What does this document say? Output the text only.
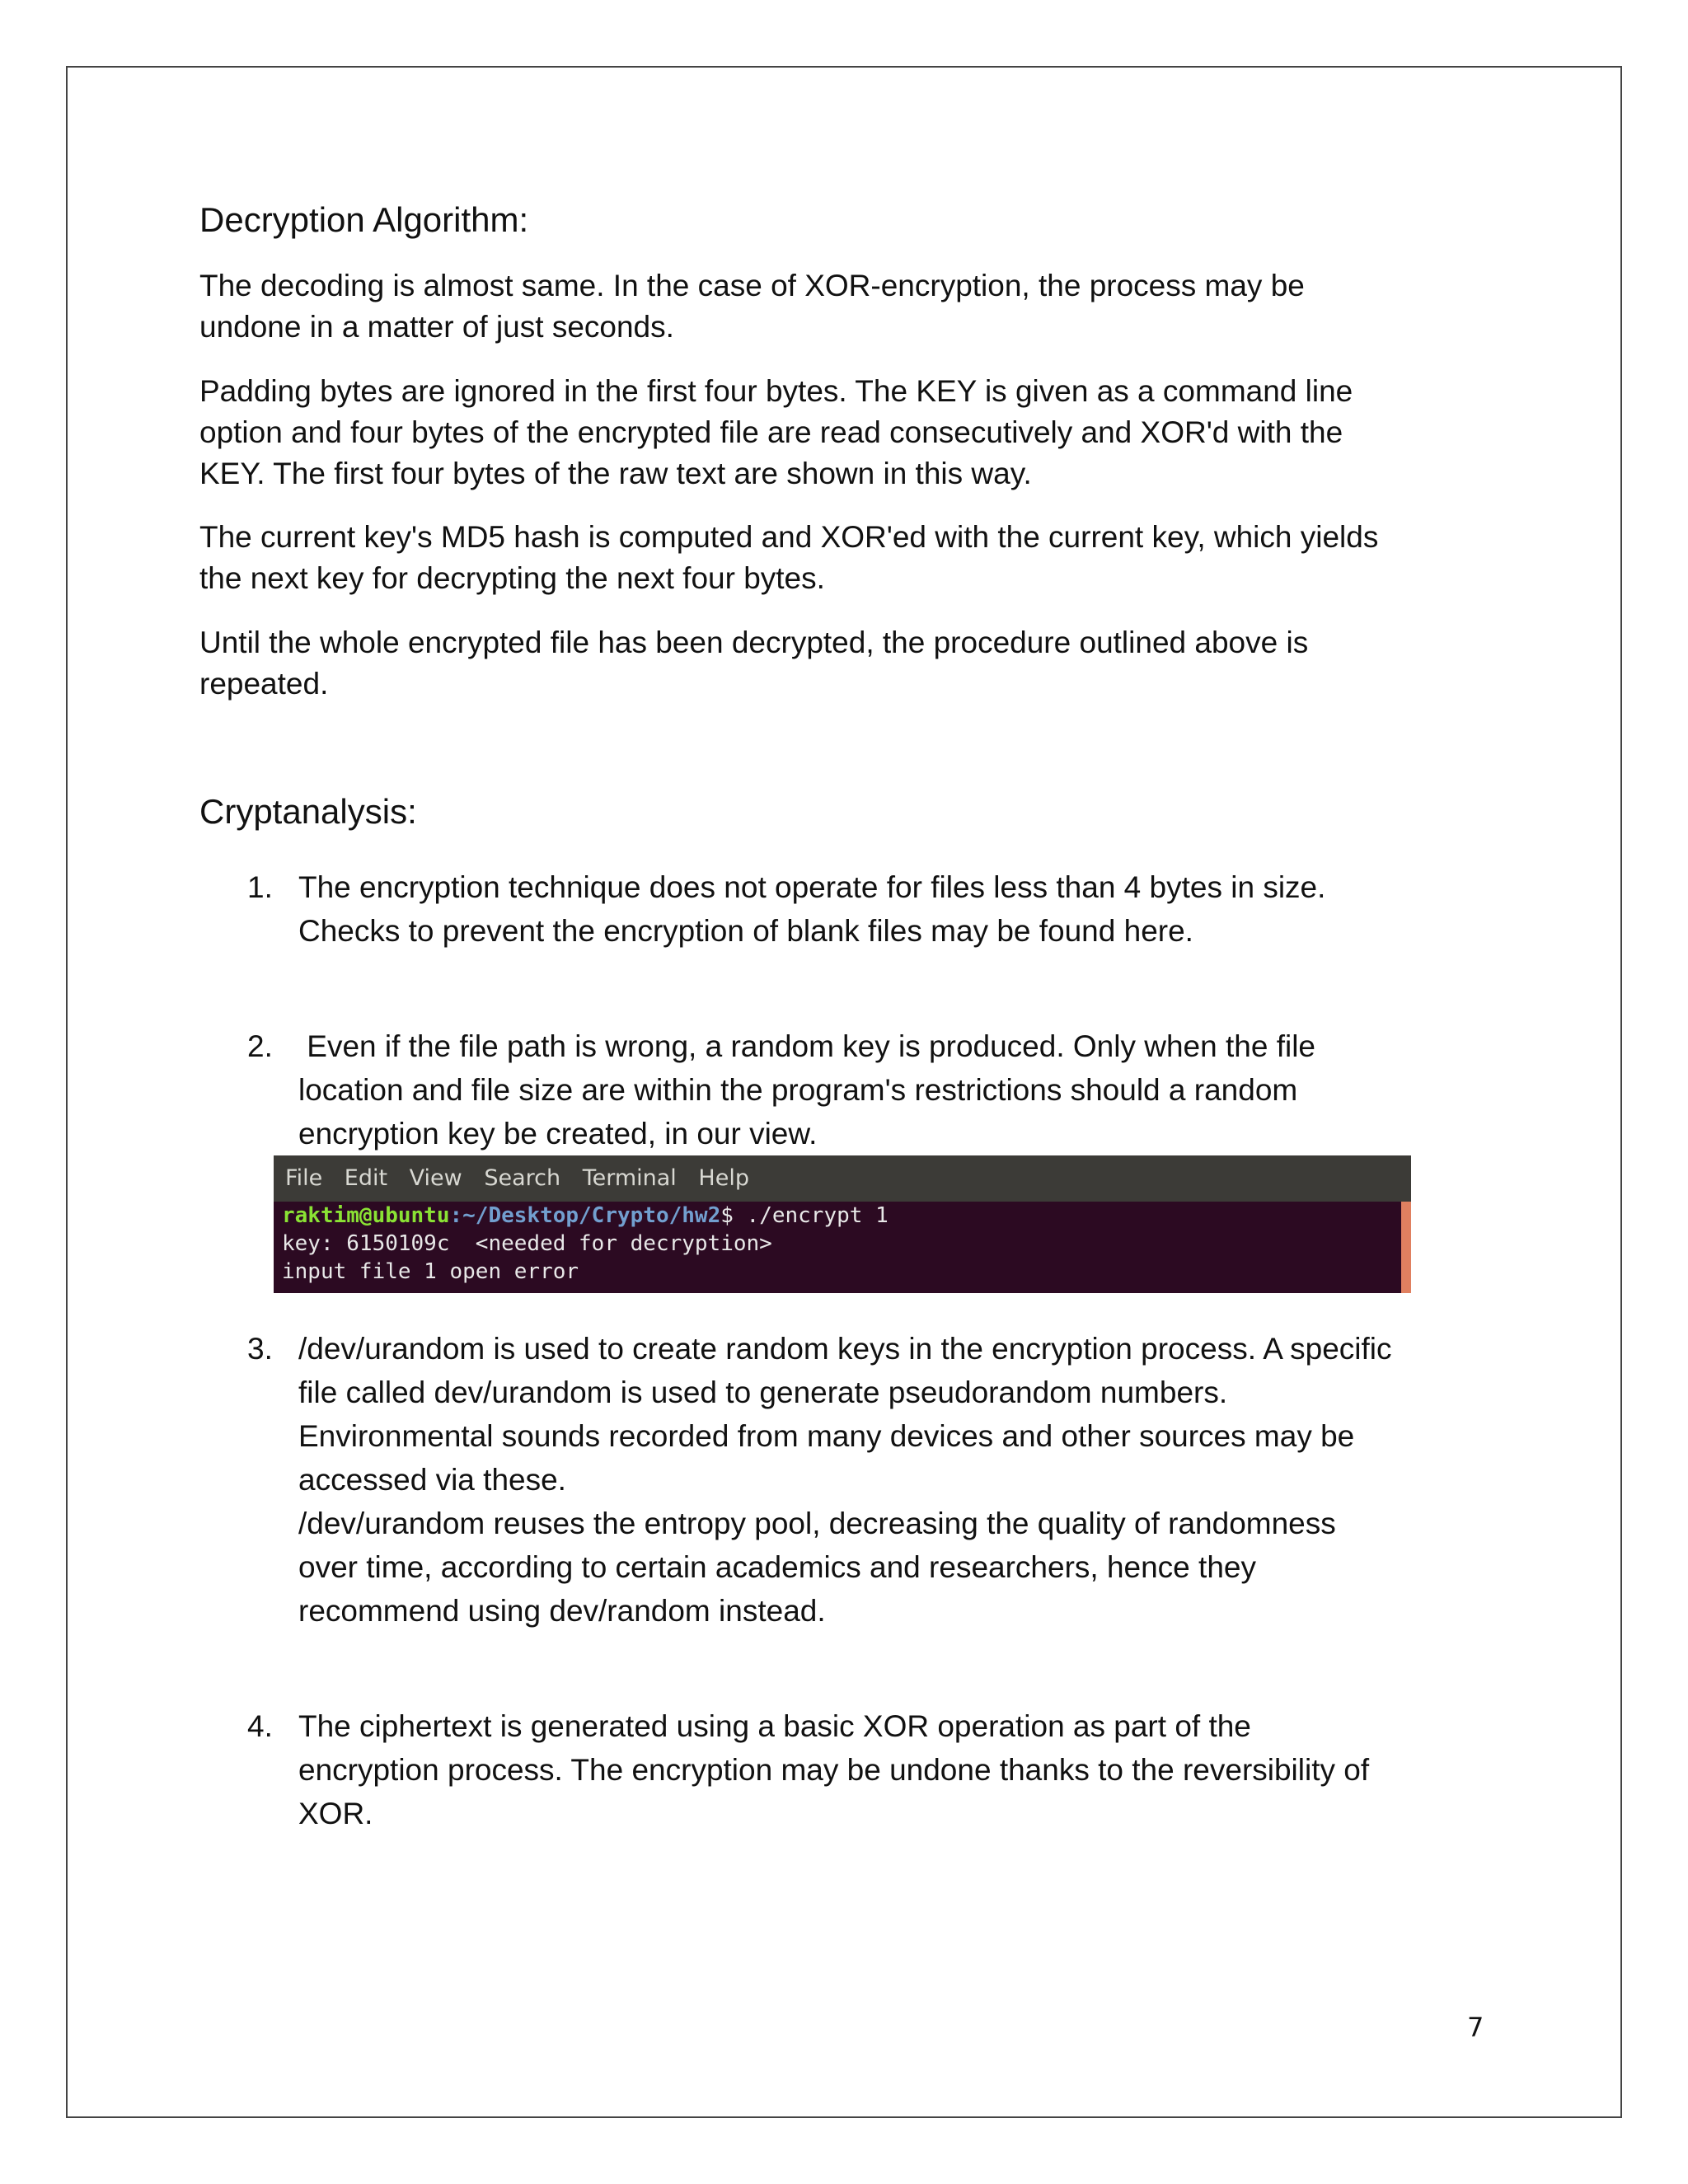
Decryption Algorithm:
The decoding is almost same. In the case of XOR-encryption, the process may be
undone in a matter of just seconds.
Padding bytes are ignored in the first four bytes. The KEY is given as a command line
option and four bytes of the encrypted file are read consecutively and XOR'd with the
KEY. The first four bytes of the raw text are shown in this way.
The current key's MD5 hash is computed and XOR'ed with the current key, which yields
the next key for decrypting the next four bytes.
Until the whole encrypted file has been decrypted, the procedure outlined above is
repeated.
Cryptanalysis:
1. The encryption technique does not operate for files less than 4 bytes in size.
Checks to prevent the encryption of blank files may be found here.
2. Even if the file path is wrong, a random key is produced. Only when the file
location and file size are within the program's restrictions should a random
encryption key be created, in our view.
File Edit View Search Terminal Help
raktim@ubuntu:~/Desktop/Crypto/hw2$ ./encrypt 1
key: 6150109c  <needed for decryption>
input file 1 open error
3. /dev/urandom is used to create random keys in the encryption process. A specific
file called dev/urandom is used to generate pseudorandom numbers.
Environmental sounds recorded from many devices and other sources may be
accessed via these.
/dev/urandom reuses the entropy pool, decreasing the quality of randomness
over time, according to certain academics and researchers, hence they
recommend using dev/random instead.
4. The ciphertext is generated using a basic XOR operation as part of the
encryption process. The encryption may be undone thanks to the reversibility of
XOR.
7
